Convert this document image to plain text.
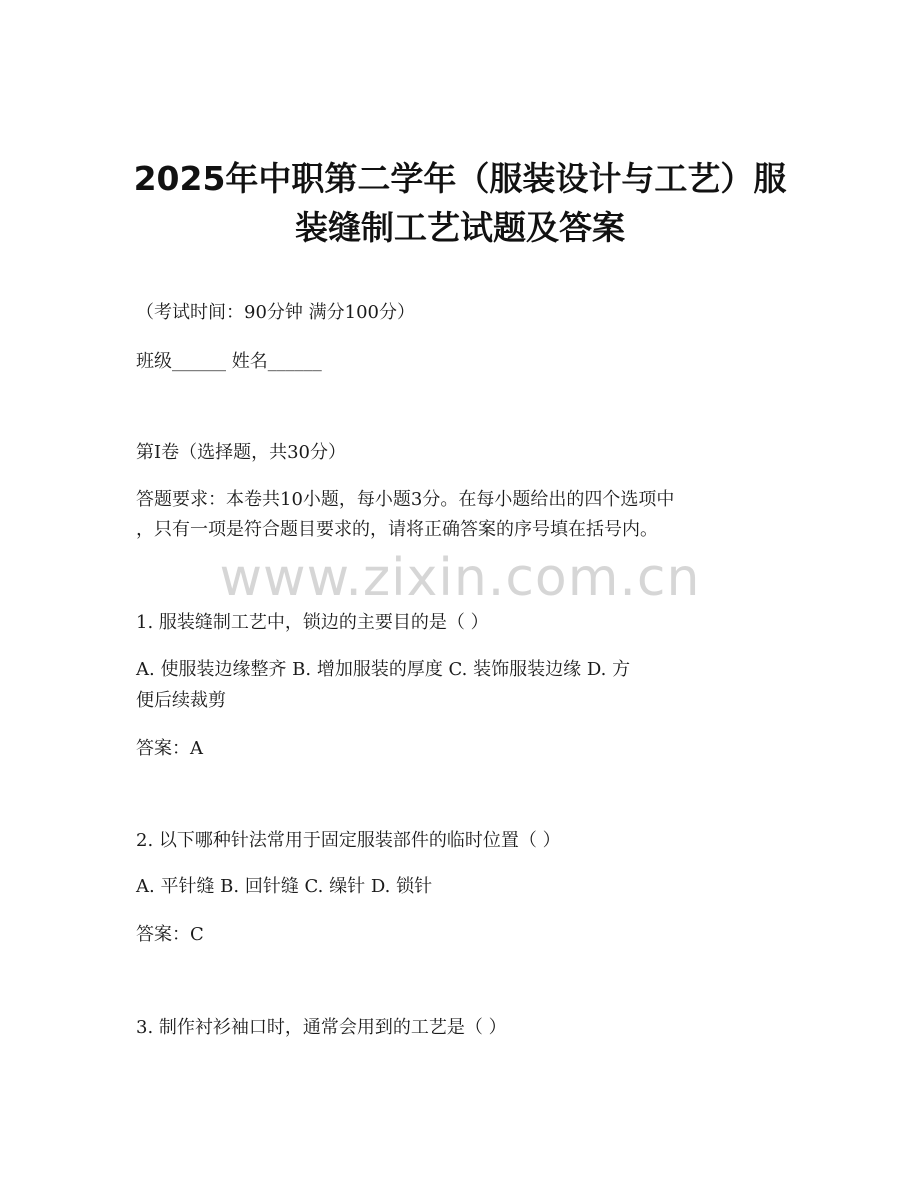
2025年中职第二学年（服装设计与工艺）服
装缝制工艺试题及答案
（考试时间：90分钟 满分100分）
班级______ 姓名______
第I卷（选择题，共30分）
答题要求：本卷共10小题，每小题3分。在每小题给出的四个选项中
，只有一项是符合题目要求的，请将正确答案的序号填在括号内。
www.zixin.com.cn
1. 服装缝制工艺中，锁边的主要目的是（ ）
A. 使服装边缘整齐 B. 增加服装的厚度 C. 装饰服装边缘 D. 方
便后续裁剪
答案：A
2. 以下哪种针法常用于固定服装部件的临时位置（ ）
A. 平针缝 B. 回针缝 C. 缲针 D. 锁针
答案：C
3. 制作衬衫袖口时，通常会用到的工艺是（ ）
